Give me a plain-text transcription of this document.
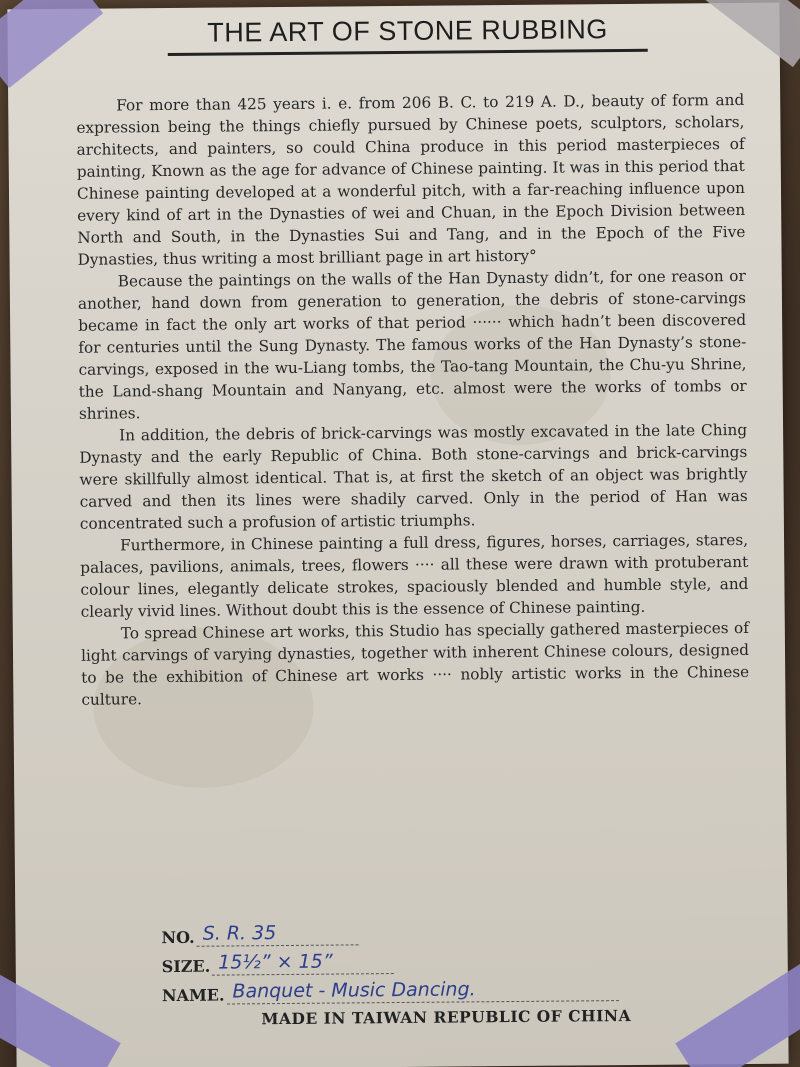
THE ART OF STONE RUBBING

For more than 425 years i. e. from 206 B. C. to 219 A. D., beauty of form and expression being the things chiefly pursued by Chinese poets, sculptors, scholars, architects, and painters, so could China produce in this period masterpieces of painting, Known as the age for advance of Chinese painting. It was in this period that Chinese painting developed at a wonderful pitch, with a far-reaching influence upon every kind of art in the Dynasties of wei and Chuan, in the Epoch Division between North and South, in the Dynasties Sui and Tang, and in the Epoch of the Five Dynasties, thus writing a most brilliant page in art history°

Because the paintings on the walls of the Han Dynasty didn’t, for one reason or another, hand down from generation to generation, the debris of stone-carvings became in fact the only art works of that period ······ which hadn’t been discovered for centuries until the Sung Dynasty. The famous works of the Han Dynasty’s stone-carvings, exposed in the wu-Liang tombs, the Tao-tang Mountain, the Chu-yu Shrine, the Land-shang Mountain and Nanyang, etc. almost were the works of tombs or shrines.

In addition, the debris of brick-carvings was mostly excavated in the late Ching Dynasty and the early Republic of China. Both stone-carvings and brick-carvings were skillfully almost identical. That is, at first the sketch of an object was brightly carved and then its lines were shadily carved. Only in the period of Han was concentrated such a profusion of artistic triumphs.

Furthermore, in Chinese painting a full dress, figures, horses, carriages, stares, palaces, pavilions, animals, trees, flowers ···· all these were drawn with protuberant colour lines, elegantly delicate strokes, spaciously blended and humble style, and clearly vivid lines. Without doubt this is the essence of Chinese painting.

To spread Chinese art works, this Studio has specially gathered masterpieces of light carvings of varying dynasties, together with inherent Chinese colours, designed to be the exhibition of Chinese art works ···· nobly artistic works in the Chinese culture.

NO. S. R. 35
SIZE. 15½” × 15”
NAME. Banquet - Music Dancing.
MADE IN TAIWAN REPUBLIC OF CHINA
